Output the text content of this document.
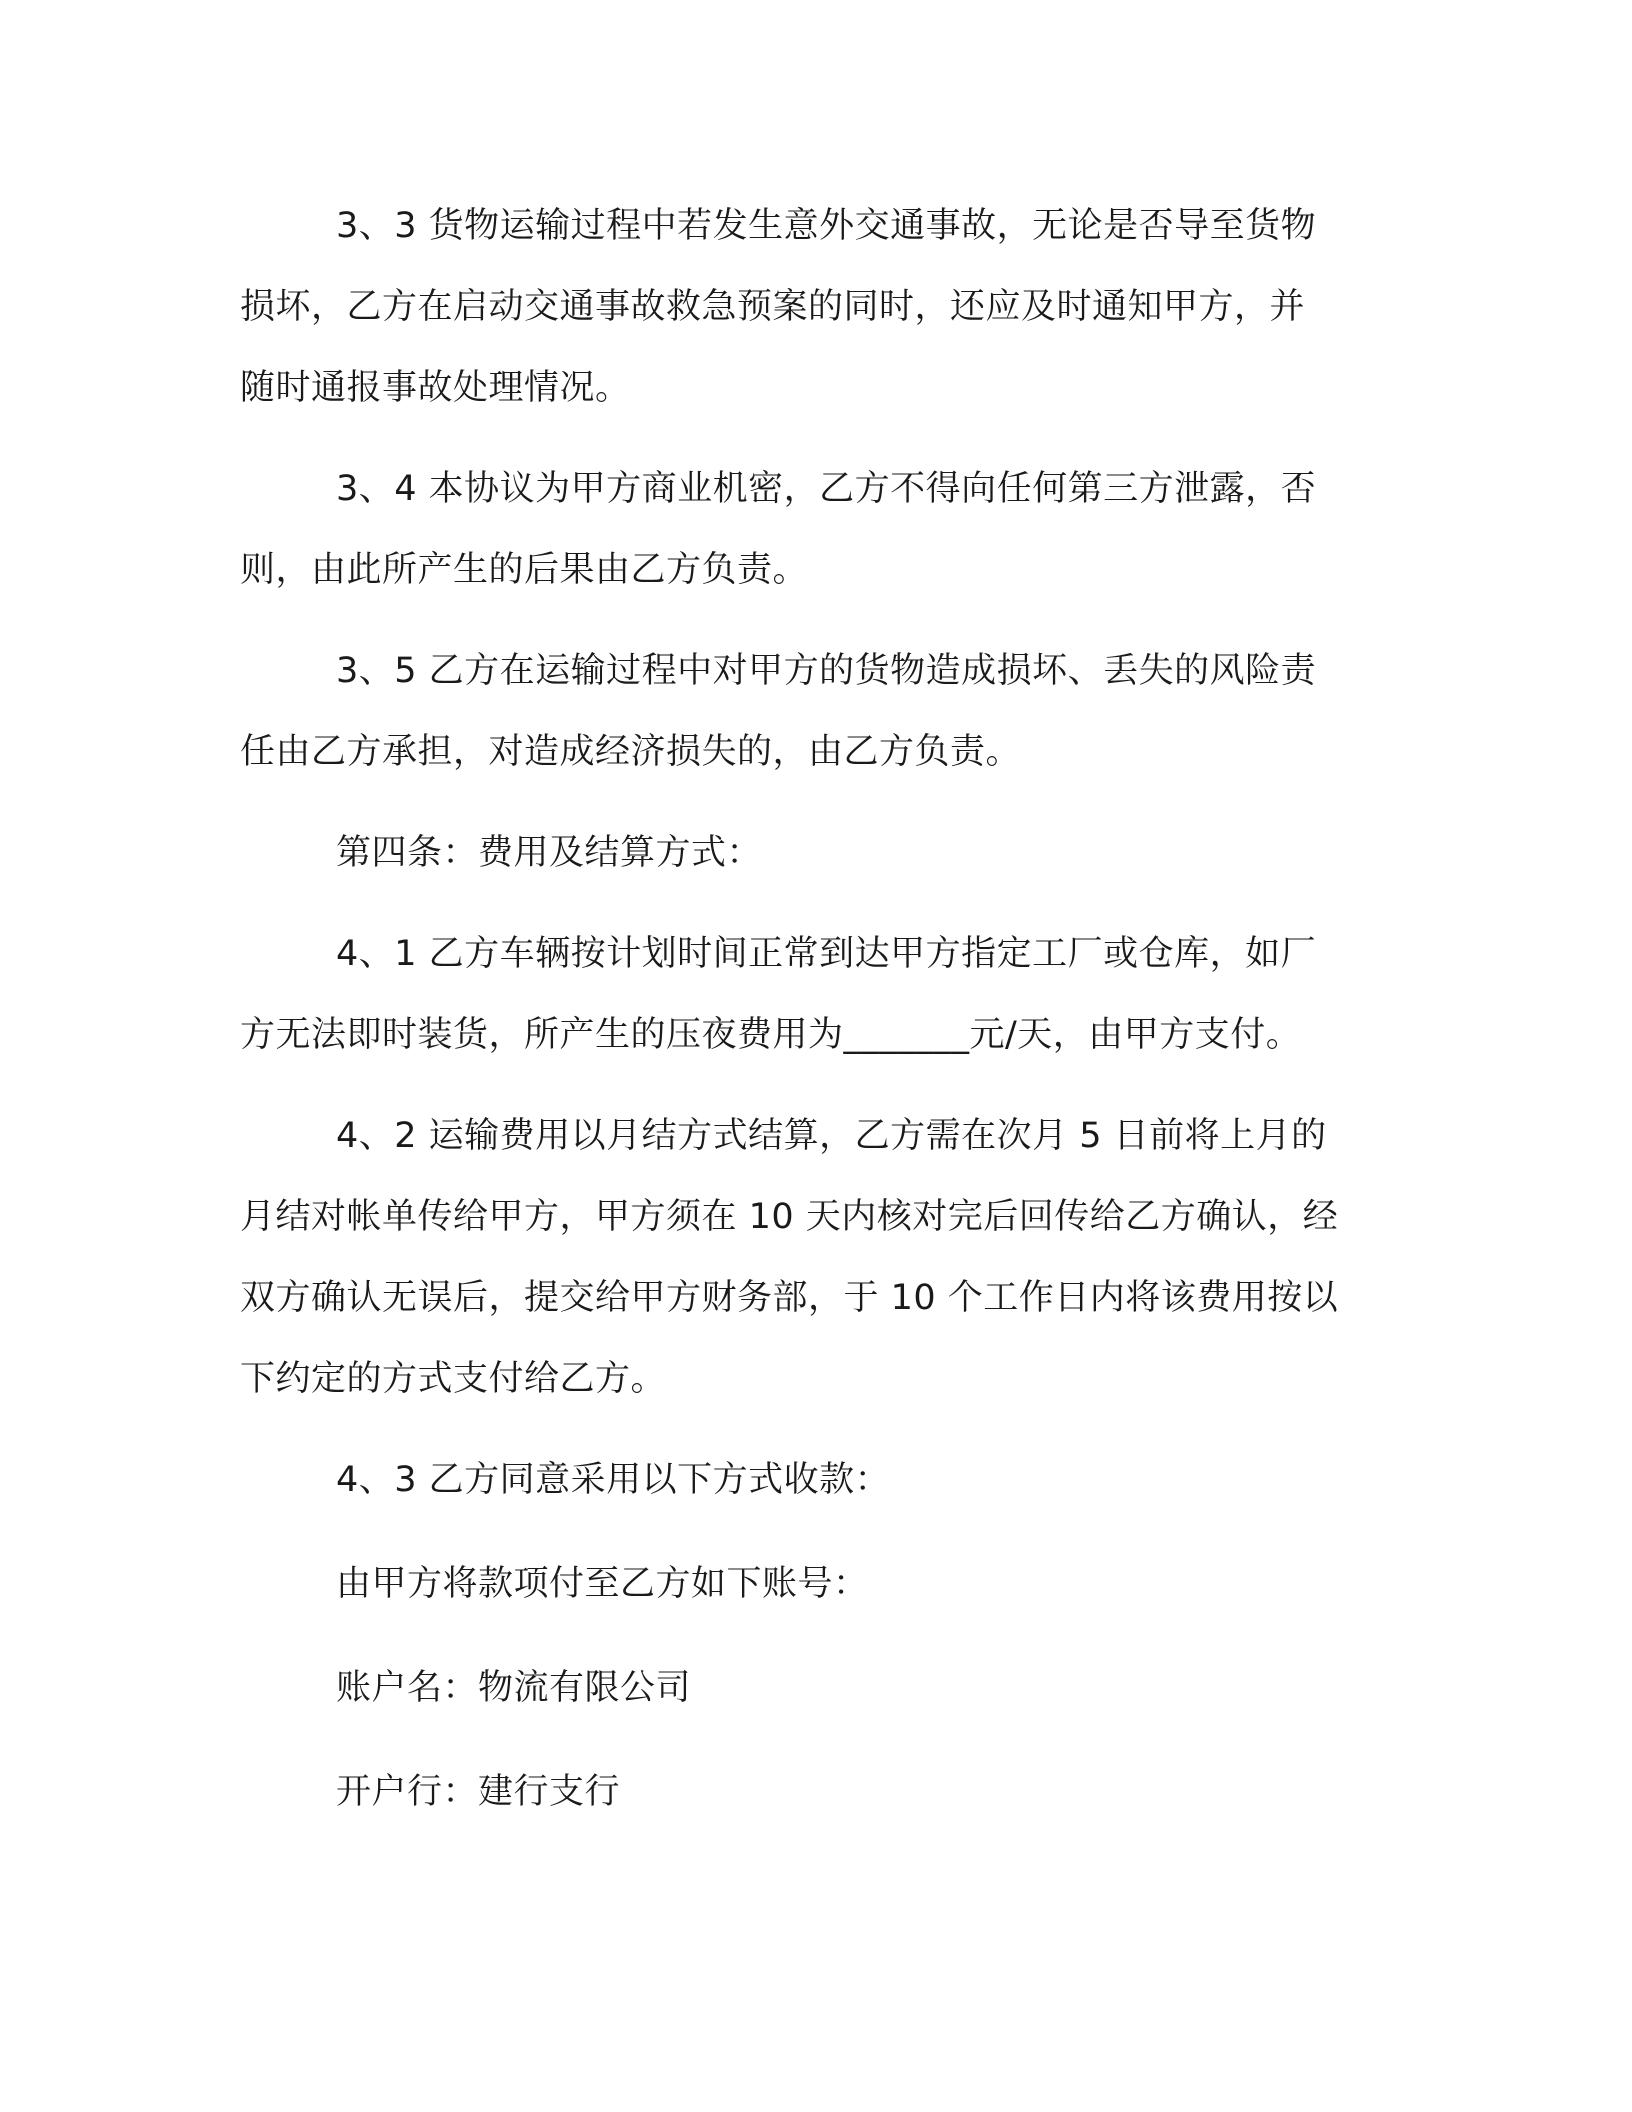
3、3 货物运输过程中若发生意外交通事故，无论是否导至货物
损坏，乙方在启动交通事故救急预案的同时，还应及时通知甲方，并
随时通报事故处理情况。

3、4 本协议为甲方商业机密，乙方不得向任何第三方泄露，否
则，由此所产生的后果由乙方负责。

3、5 乙方在运输过程中对甲方的货物造成损坏、丢失的风险责
任由乙方承担，对造成经济损失的，由乙方负责。

第四条：费用及结算方式：

4、1 乙方车辆按计划时间正常到达甲方指定工厂或仓库，如厂
方无法即时装货，所产生的压夜费用为_______元/天，由甲方支付。

4、2 运输费用以月结方式结算，乙方需在次月 5 日前将上月的
月结对帐单传给甲方，甲方须在 10 天内核对完后回传给乙方确认，经
双方确认无误后，提交给甲方财务部，于 10 个工作日内将该费用按以
下约定的方式支付给乙方。

4、3 乙方同意采用以下方式收款：

由甲方将款项付至乙方如下账号：

账户名：物流有限公司

开户行：建行支行
